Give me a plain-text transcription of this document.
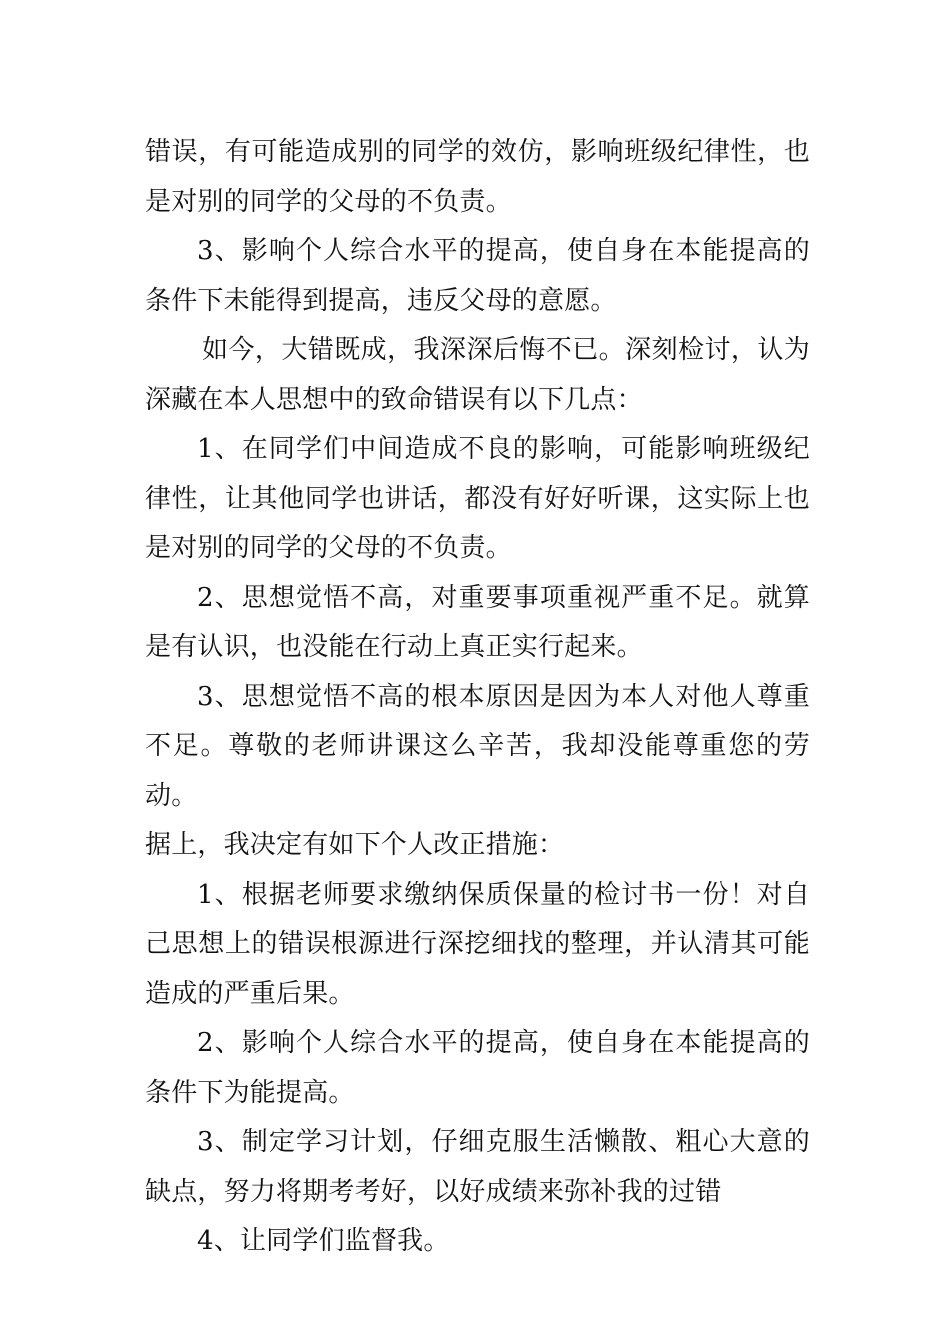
错误，有可能造成别的同学的效仿，影响班级纪律性，也是对别的同学的父母的不负责。

3、影响个人综合水平的提高，使自身在本能提高的条件下未能得到提高，违反父母的意愿。

如今，大错既成，我深深后悔不已。深刻检讨，认为深藏在本人思想中的致命错误有以下几点：

1、在同学们中间造成不良的影响，可能影响班级纪律性，让其他同学也讲话，都没有好好听课，这实际上也是对别的同学的父母的不负责。

2、思想觉悟不高，对重要事项重视严重不足。就算是有认识，也没能在行动上真正实行起来。

3、思想觉悟不高的根本原因是因为本人对他人尊重不足。尊敬的老师讲课这么辛苦，我却没能尊重您的劳动。

据上，我决定有如下个人改正措施：

1、根据老师要求缴纳保质保量的检讨书一份！对自己思想上的错误根源进行深挖细找的整理，并认清其可能造成的严重后果。

2、影响个人综合水平的提高，使自身在本能提高的条件下为能提高。

3、制定学习计划，仔细克服生活懒散、粗心大意的缺点，努力将期考考好，以好成绩来弥补我的过错

4、让同学们监督我。
